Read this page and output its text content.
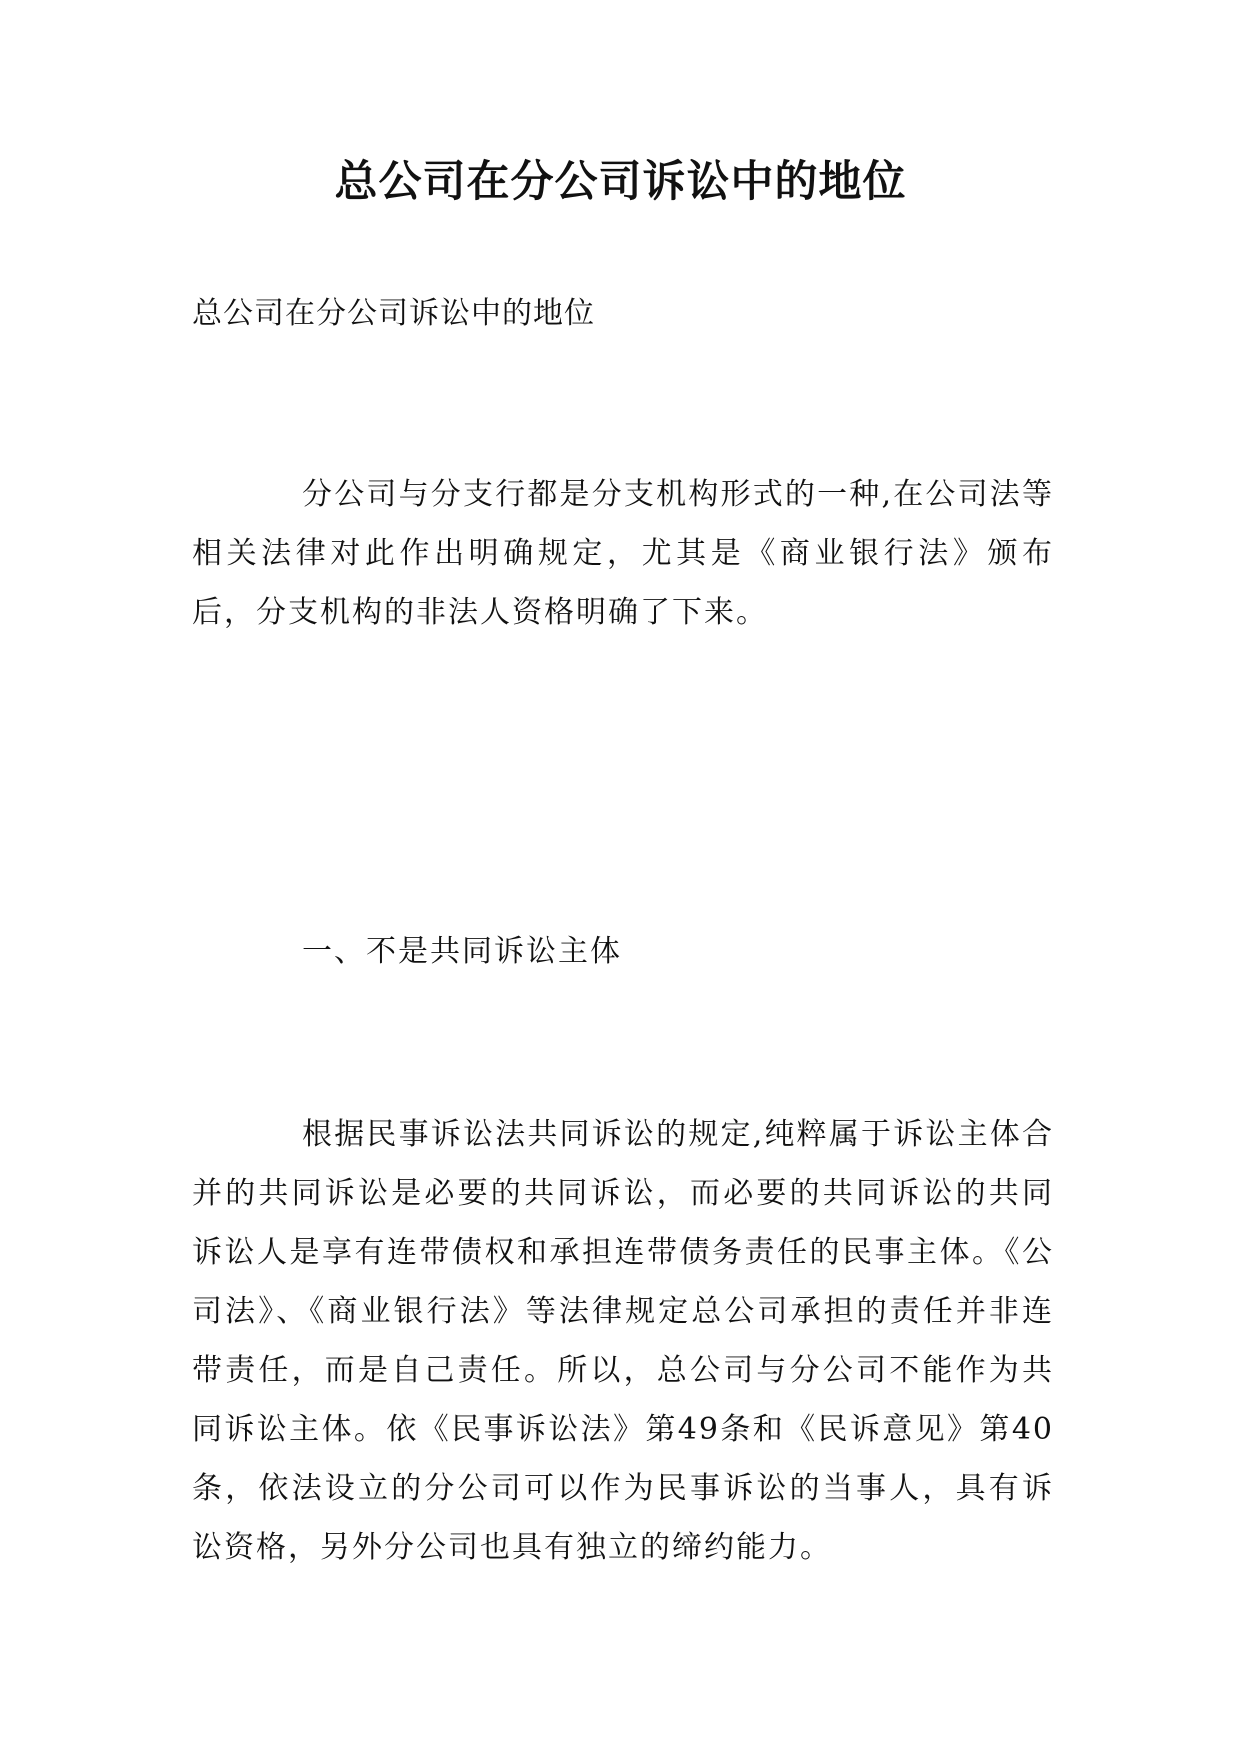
总公司在分公司诉讼中的地位

总公司在分公司诉讼中的地位

分公司与分支行都是分支机构形式的一种,在公司法等相关法律对此作出明确规定，尤其是《商业银行法》颁布后，分支机构的非法人资格明确了下来。

一、不是共同诉讼主体

根据民事诉讼法共同诉讼的规定,纯粹属于诉讼主体合并的共同诉讼是必要的共同诉讼，而必要的共同诉讼的共同诉讼人是享有连带债权和承担连带债务责任的民事主体。《公司法》、《商业银行法》等法律规定总公司承担的责任并非连带责任，而是自己责任。所以，总公司与分公司不能作为共同诉讼主体。依《民事诉讼法》第49条和《民诉意见》第40条，依法设立的分公司可以作为民事诉讼的当事人，具有诉讼资格，另外分公司也具有独立的缔约能力。
